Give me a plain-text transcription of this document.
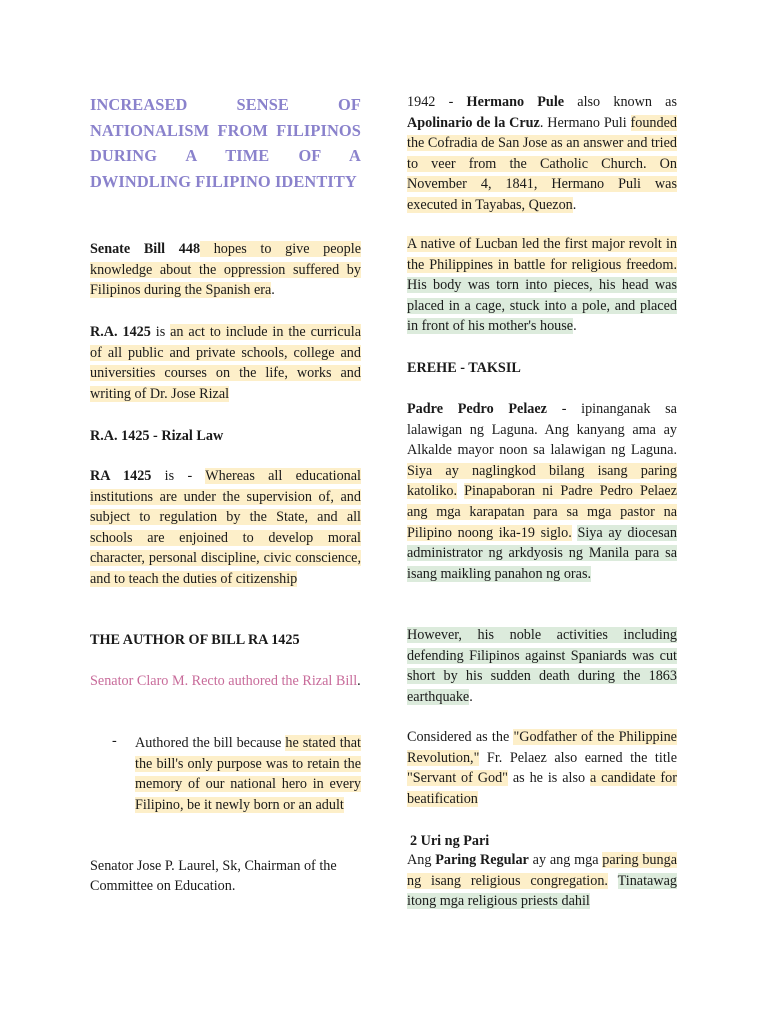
INCREASED SENSE OF NATIONALISM FROM FILIPINOS DURING A TIME OF A DWINDLING FILIPINO IDENTITY

Senate Bill 448 hopes to give people knowledge about the oppression suffered by Filipinos during the Spanish era.

R.A. 1425 is an act to include in the curricula of all public and private schools, college and universities courses on the life, works and writing of Dr. Jose Rizal

R.A. 1425 - Rizal Law

RA 1425 is - Whereas all educational institutions are under the supervision of, and subject to regulation by the State, and all schools are enjoined to develop moral character, personal discipline, civic conscience, and to teach the duties of citizenship

THE AUTHOR OF BILL RA 1425

Senator Claro M. Recto authored the Rizal Bill.

- Authored the bill because he stated that the bill's only purpose was to retain the memory of our national hero in every Filipino, be it newly born or an adult

Senator Jose P. Laurel, Sk, Chairman of the Committee on Education.

1942 - Hermano Pule also known as Apolinario de la Cruz. Hermano Puli founded the Cofradia de San Jose as an answer and tried to veer from the Catholic Church. On November 4, 1841, Hermano Puli was executed in Tayabas, Quezon.

A native of Lucban led the first major revolt in the Philippines in battle for religious freedom. His body was torn into pieces, his head was placed in a cage, stuck into a pole, and placed in front of his mother's house.

EREHE - TAKSIL

Padre Pedro Pelaez - ipinanganak sa lalawigan ng Laguna. Ang kanyang ama ay Alkalde mayor noon sa lalawigan ng Laguna. Siya ay naglingkod bilang isang paring katoliko. Pinapaboran ni Padre Pedro Pelaez ang mga karapatan para sa mga pastor na Pilipino noong ika-19 siglo. Siya ay diocesan administrator ng arkdyosis ng Manila para sa isang maikling panahon ng oras.

However, his noble activities including defending Filipinos against Spaniards was cut short by his sudden death during the 1863 earthquake.

Considered as the "Godfather of the Philippine Revolution," Fr. Pelaez also earned the title "Servant of God" as he is also a candidate for beatification

2 Uri ng Pari

Ang Paring Regular ay ang mga paring bunga ng isang religious congregation. Tinatawag itong mga religious priests dahil
